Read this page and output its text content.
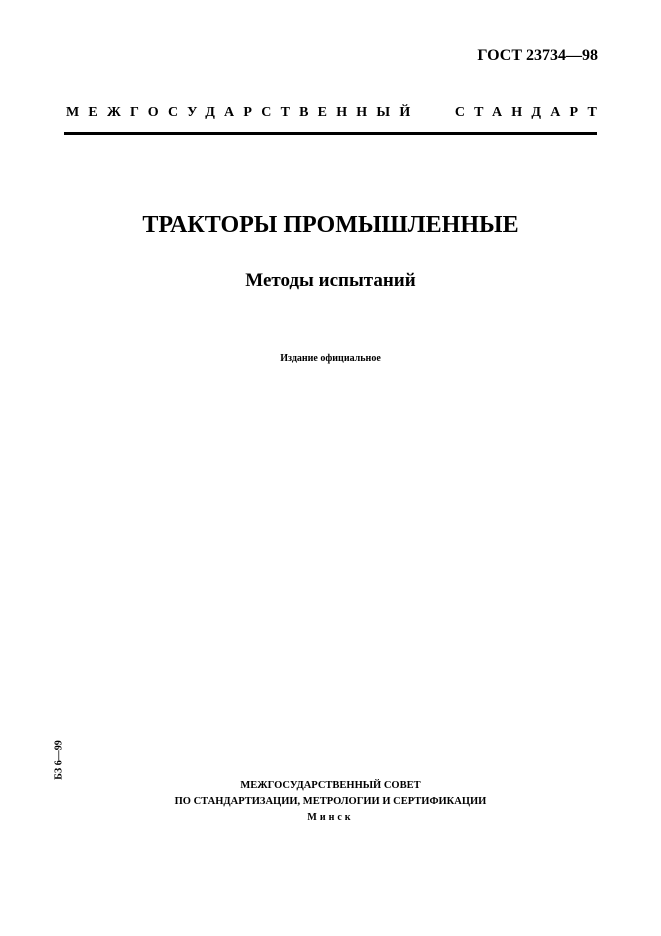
ГОСТ 23734—98
МЕЖГОСУДАРСТВЕННЫЙ	СТАНДАРТ
ТРАКТОРЫ ПРОМЫШЛЕННЫЕ
Методы испытаний
Издание официальное
БЗ 6—99
МЕЖГОСУДАРСТВЕННЫЙ СОВЕТ
ПО СТАНДАРТИЗАЦИИ, МЕТРОЛОГИИ И СЕРТИФИКАЦИИ
Минск
